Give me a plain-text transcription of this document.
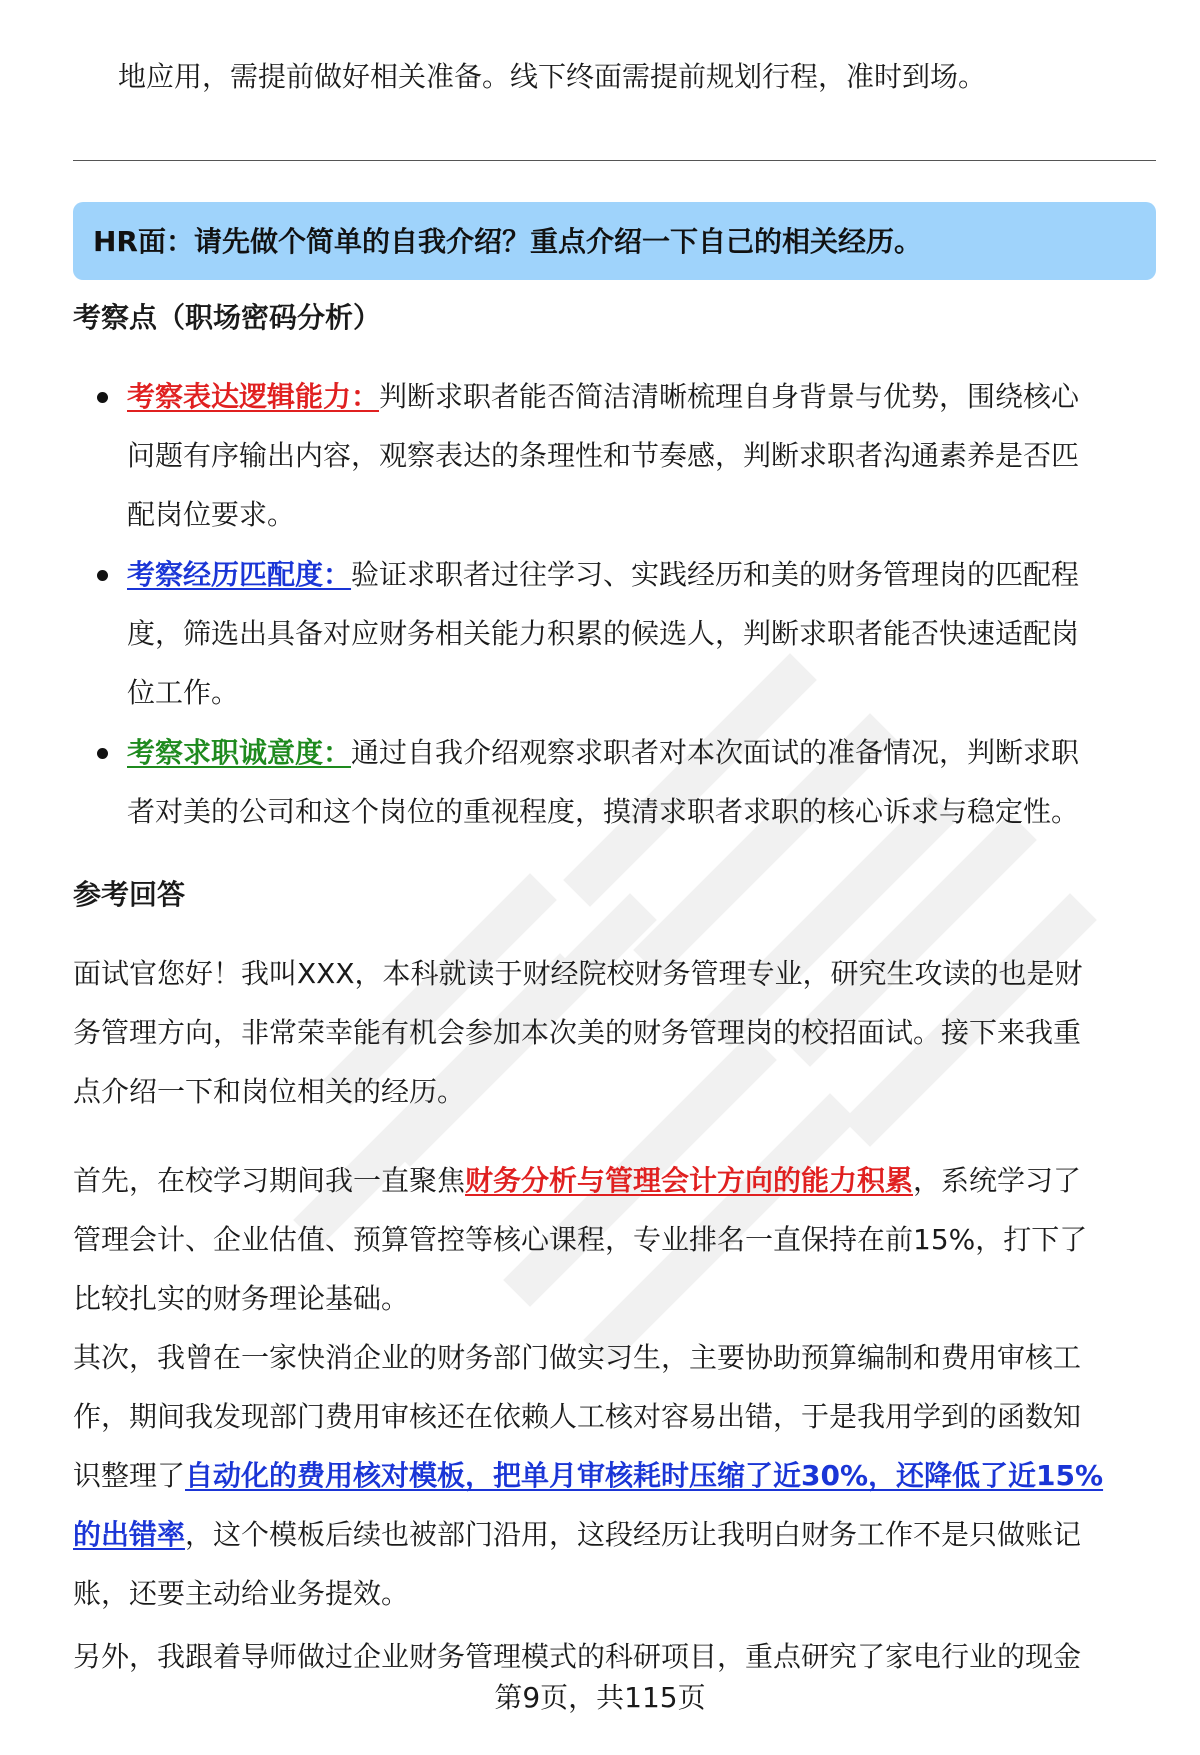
地应用，需提前做好相关准备。线下终面需提前规划行程，准时到场。
HR面：请先做个简单的自我介绍？重点介绍一下自己的相关经历。
考察点（职场密码分析）
考察表达逻辑能力：判断求职者能否简洁清晰梳理自身背景与优势，围绕核心
问题有序输出内容，观察表达的条理性和节奏感，判断求职者沟通素养是否匹
配岗位要求。
考察经历匹配度：验证求职者过往学习、实践经历和美的财务管理岗的匹配程
度，筛选出具备对应财务相关能力积累的候选人，判断求职者能否快速适配岗
位工作。
考察求职诚意度：通过自我介绍观察求职者对本次面试的准备情况，判断求职
者对美的公司和这个岗位的重视程度，摸清求职者求职的核心诉求与稳定性。
参考回答
面试官您好！我叫XXX，本科就读于财经院校财务管理专业，研究生攻读的也是财
务管理方向，非常荣幸能有机会参加本次美的财务管理岗的校招面试。接下来我重
点介绍一下和岗位相关的经历。
首先，在校学习期间我一直聚焦财务分析与管理会计方向的能力积累，系统学习了
管理会计、企业估值、预算管控等核心课程，专业排名一直保持在前15%，打下了
比较扎实的财务理论基础。
其次，我曾在一家快消企业的财务部门做实习生，主要协助预算编制和费用审核工
作，期间我发现部门费用审核还在依赖人工核对容易出错，于是我用学到的函数知
识整理了自动化的费用核对模板，把单月审核耗时压缩了近30%，还降低了近15%
的出错率，这个模板后续也被部门沿用，这段经历让我明白财务工作不是只做账记
账，还要主动给业务提效。
另外，我跟着导师做过企业财务管理模式的科研项目，重点研究了家电行业的现金
第9页，共115页
